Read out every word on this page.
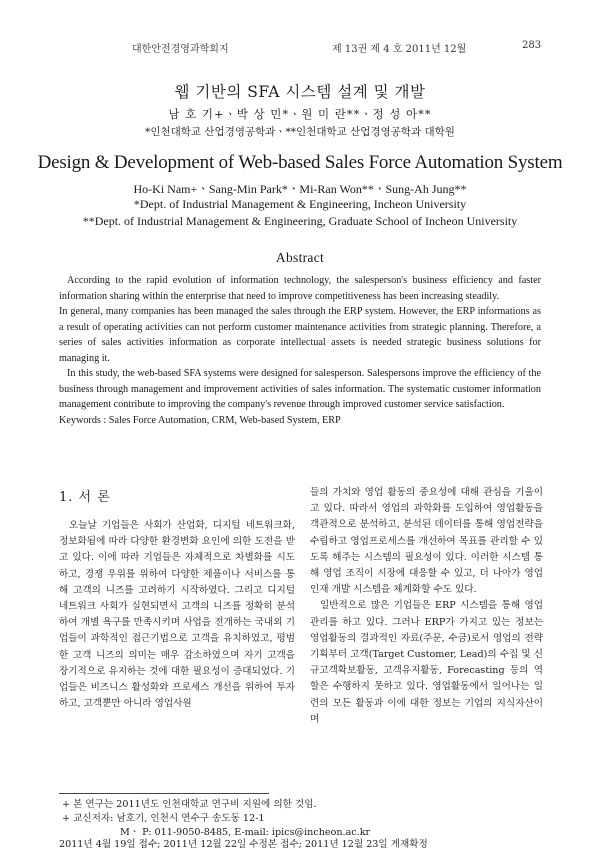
대한안전경영과학회지	제 13권 제 4 호 2011년 12월	283
웹 기반의 SFA 시스템 설계 및 개발
남 호 기+ㆍ박 상 민*ㆍ원 미 란**ㆍ정 성 아**
*인천대학교 산업경영공학과ㆍ**인천대학교 산업경영공학과 대학원
Design & Development of Web-based Sales Force Automation System
Ho-Ki Nam+ㆍSang-Min Park*ㆍMi-Ran Won**ㆍSung-Ah Jung**
*Dept. of Industrial Management & Engineering, Incheon University
**Dept. of Industrial Management & Engineering, Graduate School of Incheon University
Abstract

According to the rapid evolution of information technology, the salesperson's business efficiency and faster information sharing within the enterprise that need to improve competitiveness has been increasing steadily.

In general, many companies has been managed the sales through the ERP system. However, the ERP informations as a result of operating activities can not perform customer maintenance activities from strategic planning. Therefore, a series of sales activities information as corporate intellectual assets is needed strategic business solutions for managing it.

In this study, the web-based SFA systems were designed for salesperson. Salespersons improve the efficiency of the business through management and improvement activities of sales information. The systematic customer information management contribute to improving the company's revenue through improved customer service satisfaction.

Keywords : Sales Force Automation, CRM, Web-based System, ERP

1. 서 론

오늘날 기업들은 사회가 산업화, 디지털 네트워크화, 정보화됨에 따라 다양한 환경변화 요인에 의한 도전을 받고 있다. 이에 따라 기업들은 자체적으로 차별화를 시도하고, 경쟁 우위를 위하여 다양한 제품이나 서비스를 통해 고객의 니즈를 고려하기 시작하였다. 그리고 디지털 네트워크 사회가 실현되면서 고객의 니즈를 정확히 분석하여 개별 욕구를 만족시키며 사업을 전개하는 국내외 기업들이 과학적인 접근기법으로 고객을 유치하였고, 평범한 고객 니즈의 의미는 매우 감소하였으며 자기 고객을 장기적으로 유지하는 것에 대한 필요성이 증대되었다. 기업들은 비즈니스 활성화와 프로세스 개선을 위하여 투자하고, 고객뿐만 아니라 영업사원

들의 가치와 영업 활동의 중요성에 대해 관심을 기울이고 있다. 따라서 영업의 과학화를 도입하여 영업활동을 객관적으로 분석하고, 분석된 데이터를 통해 영업전략을 수립하고 영업프로세스를 개선하여 목표를 관리할 수 있도록 해주는 시스템의 필요성이 있다. 이러한 시스템 통해 영업 조직이 시장에 대응할 수 있고, 더 나아가 영업 인재 개발 시스템을 체계화할 수도 있다.

일반적으로 많은 기업들은 ERP 시스템을 통해 영업 관리를 하고 있다. 그러나 ERP가 가지고 있는 정보는 영업활동의 결과적인 자료(주문, 수금)로서 영업의 전략기획부터 고객(Target Customer, Lead)의 수집 및 신규고객확보활동, 고객유지활동, Forecasting 등의 역할은 수행하지 못하고 있다. 영업활동에서 일어나는 일련의 모든 활동과 이에 대한 정보는 기업의 지식자산이며

+ 본 연구는 2011년도 인천대학교 연구비 지원에 의한 것임.
+ 교신저자: 남호기, 인천시 연수구 송도동 12-1
Mㆍ P: 011-9050-8485, E-mail: ipics@incheon.ac.kr
2011년 4월 19일 접수; 2011년 12월 22일 수정본 접수; 2011년 12월 23일 게재확정
